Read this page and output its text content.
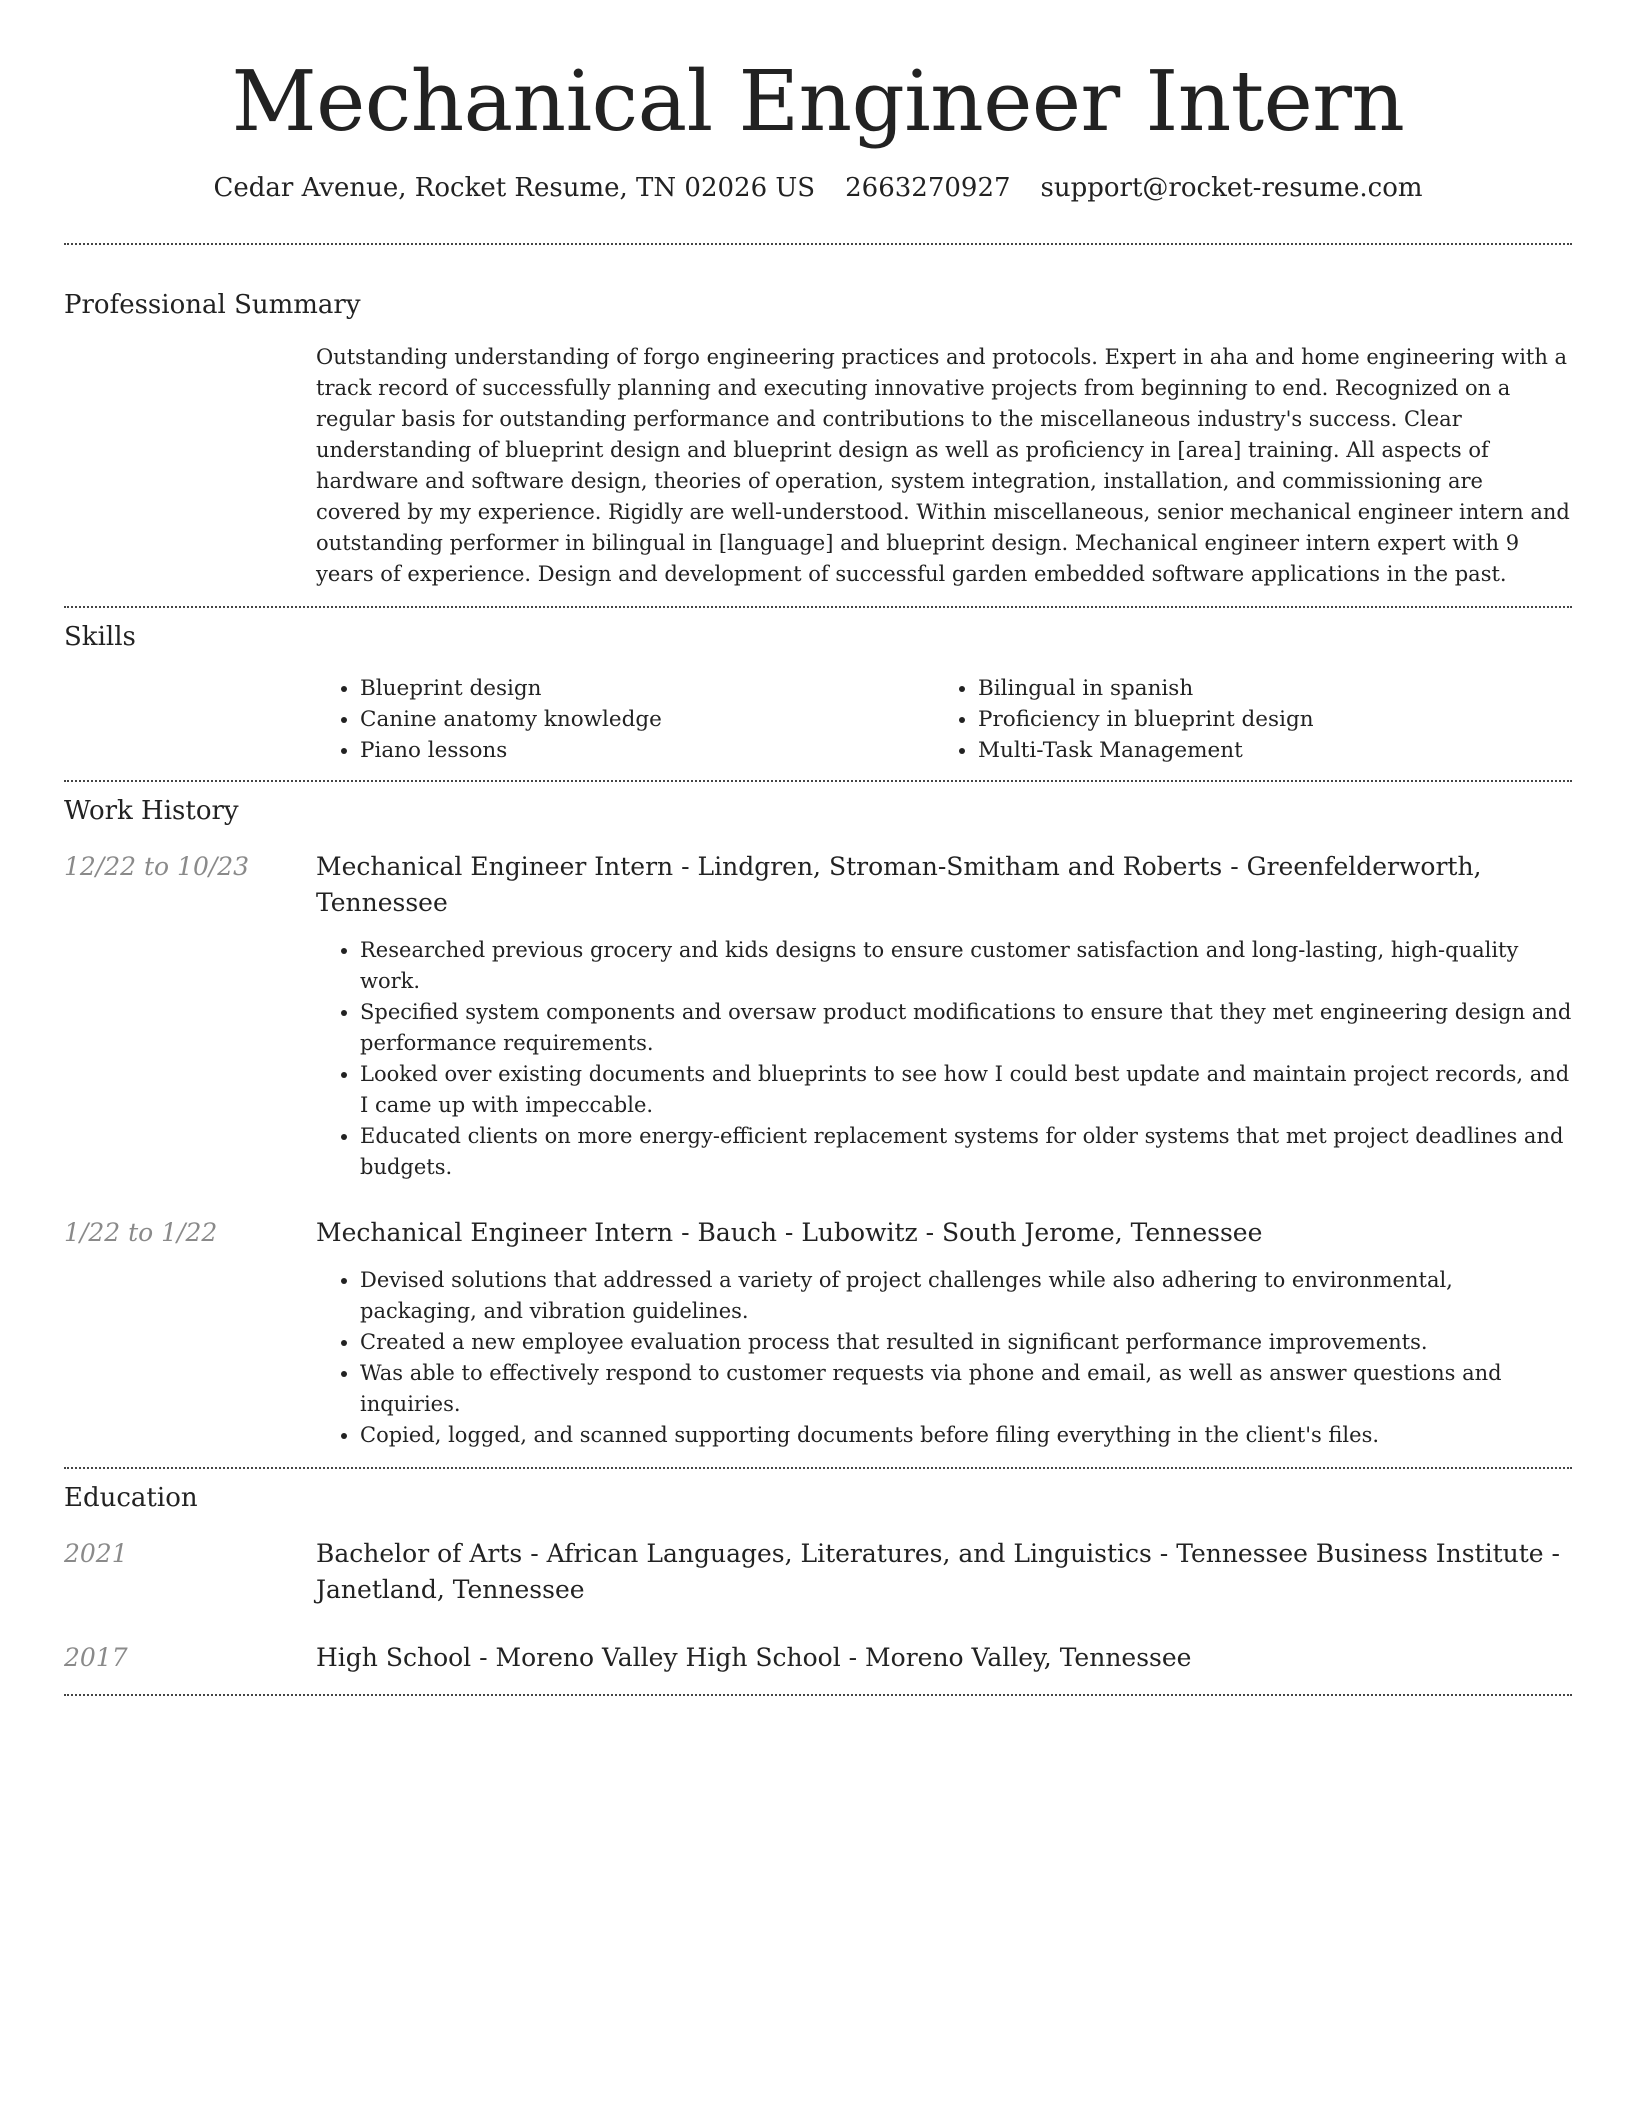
Mechanical Engineer Intern
Cedar Avenue, Rocket Resume, TN 02026 US 2663270927 support@rocket-resume.com
Professional Summary
Outstanding understanding of forgo engineering practices and protocols. Expert in aha and home engineering with a track record of successfully planning and executing innovative projects from beginning to end. Recognized on a regular basis for outstanding performance and contributions to the miscellaneous industry's success. Clear understanding of blueprint design and blueprint design as well as proficiency in [area] training. All aspects of hardware and software design, theories of operation, system integration, installation, and commissioning are covered by my experience. Rigidly are well-understood. Within miscellaneous, senior mechanical engineer intern and outstanding performer in bilingual in [language] and blueprint design. Mechanical engineer intern expert with 9 years of experience. Design and development of successful garden embedded software applications in the past.
Skills
• Blueprint design
• Canine anatomy knowledge
• Piano lessons
• Bilingual in spanish
• Proficiency in blueprint design
• Multi-Task Management
Work History
12/22 to 10/23	Mechanical Engineer Intern - Lindgren, Stroman-Smitham and Roberts - Greenfelderworth, Tennessee
• Researched previous grocery and kids designs to ensure customer satisfaction and long-lasting, high-quality work.
• Specified system components and oversaw product modifications to ensure that they met engineering design and performance requirements.
• Looked over existing documents and blueprints to see how I could best update and maintain project records, and I came up with impeccable.
• Educated clients on more energy-efficient replacement systems for older systems that met project deadlines and budgets.
1/22 to 1/22	Mechanical Engineer Intern - Bauch - Lubowitz - South Jerome, Tennessee
• Devised solutions that addressed a variety of project challenges while also adhering to environmental, packaging, and vibration guidelines.
• Created a new employee evaluation process that resulted in significant performance improvements.
• Was able to effectively respond to customer requests via phone and email, as well as answer questions and inquiries.
• Copied, logged, and scanned supporting documents before filing everything in the client's files.
Education
2021	Bachelor of Arts - African Languages, Literatures, and Linguistics - Tennessee Business Institute - Janetland, Tennessee
2017	High School - Moreno Valley High School - Moreno Valley, Tennessee
